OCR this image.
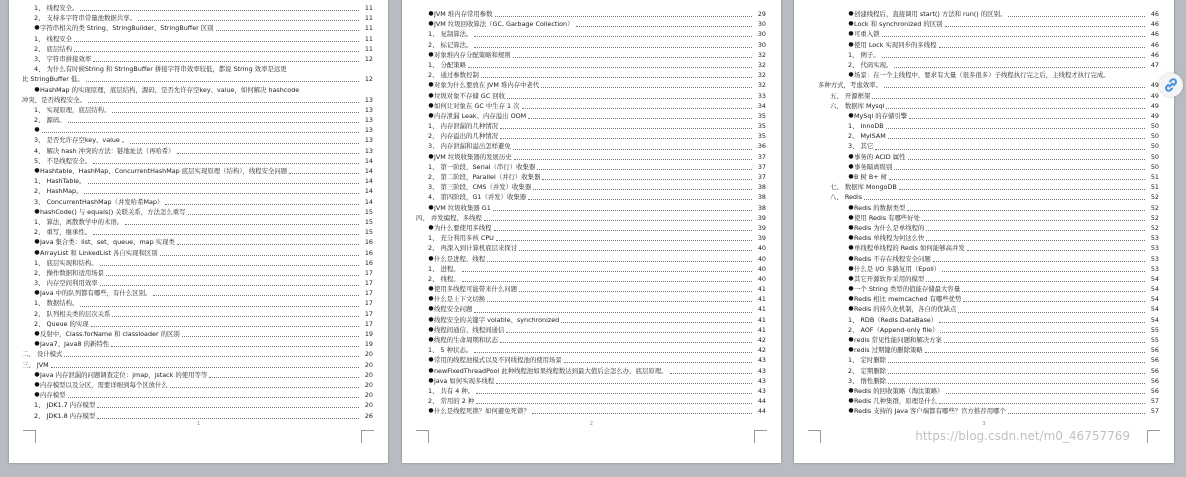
1、 线程安全。	11
2、 支持多字符串常量池数据共享。	11
● 字符串相关的类 String、StringBuilder、StringBuffer 区别	11
1、 线程安全	11
2、 底层结构	11
3、 字符串拼接效率	12
4、 为什么有时候String 和 StringBuffer 拼接字符串效率较低，都说 String 效率是远更
比 StringBuffer 低。	12
● HashMap 的实现原理，底层结构，源码，是否允许存空key、value，如何解决 hashcode
冲突，是否线程安全。	13
1、 实现原理，底层结构。	13
2、 源码。	13
●	13
3、 是否允许存空key、value 。	13
4、 解决 hash 冲突的方法：链地址法（再哈希）	13
5、 不是线程安全。	14
● Hashtable、HashMap、ConcurrentHashMap 底层实现原理（结构），线程安全问题	14
1、 HashTable。	14
2、 HashMap。	14
3、 ConcurrentHashMap（并发哈希Map）	14
● hashCode() 与 equals() 关联关系，方法怎么重写	15
1、 算法，离散数学中的术语。	15
2、 重写，继承性。	15
● Java 集合类：list、set、queue、map 实现类	16
● ArrayList 和 LinkedList 各自实现和区别	16
1、 底层实现和结构。	16
2、 操作数据和适用场景	17
3、 内存空间利用效率	17
● Java 中的队列都有哪些，有什么区别。	17
1、 数据结构。	17
2、 队列相关类的层次关系	17
2、 Queue 的实现	17
● 反射中，Class.forName 和 classloader 的区别	19
● Java7、Java8 的新特性	19
二、 设计模式	20
三、 JVM	20
● Java 内存泄漏的问题调查定位：jmap，jstack 的使用等等	20
● 内存模型以及分区，需要详细到每个区放什么	20
● 内存模型	20
1、 JDK1.7 内存模型	20
2、 JDK1.8 内存模型	26
1
● JVM 堆内存常用参数	29
● JVM 垃圾回收算法（GC, Garbage Collection）	30
1、 复制算法。	30
2、 标记算法。	30
● 对象堆内存分配策略和规则	32
1、 分配策略	32
2、 通过参数控制	32
● 对象为什么要放在 JVM 堆内存中老代	32
● 垃圾对象不存储 GC 回收	33
● 如何让对象在 GC 中生存 1 次	34
● 内存泄漏 Leak、内存溢出 OOM	35
1、 内存泄漏的几种情况	35
2、 内存溢出的几种情况	35
3、 内存泄漏和溢出怎样避免	36
● JVM 垃圾收集器的发展历史	37
1、 第一阶段，Serial（串行）收集器	37
2、 第二阶段，Parallel（并行）收集器	37
3、 第三阶段，CMS（并发）收集器	38
4、 第四阶段，G1（并发）收集器	38
● JVM 垃圾收集器 G1	38
四、 并发编程、多线程	39
● 为什么要使用多线程	39
1、 充分利用多核 CPU	39
2、 再深入到计算机底层来探讨	40
● 什么是进程、线程	40
1、 进程。	40
2、 线程。	40
● 使用多线程可能带来什么问题	41
● 什么是上下文切换	41
● 线程安全问题	41
● 线程安全的关键字 volatile、synchronized	41
● 线程间通信、线程间通信	41
● 线程的生命周期和状态	42
1、 5 种状态。	42
● 常用的线程池模式以及不同线程池的使用场景	43
● newFixedThreadPool 此种线程池如果线程数达到最大值后会怎么办，底层原理。	43
● java 如何实现多线程	43
1、 共有 4 种。	43
2、 常用的 2 种	44
● 什么是线程死锁？如何避免死锁？	44
2
● 创建线程后，直接调用 start() 方法和 run() 的区别。	46
● Lock 和 synchronized 的区别	46
● 可重入锁	46
● 使用 Lock 实现同步的多线程	46
1、 例子。	46
2、 代码实现。	47
● 场景：在一个主线程中，要求有大量（很多很多）子线程执行完之后，主线程才执行完成。
多种方式，考虑效率。	49
五、 开源框架	49
六、 数据库 Mysql	49
● MySql 的存储引擎	49
1、 InnoDB	50
2、 MyISAM	50
3、 其它	50
● 事务的 ACID 属性	50
● 事务隔离级别	50
● B 树 B+ 树	51
七、 数据库 MongoDB	51
八、 Redis	52
● Redis 的数据类型	52
● 使用 Redis 有哪些好处	52
● Redis 为什么是单线程的	52
● Redis 单线程为何这么快	53
● 单线程单线程的 Redis 如何能够高并发	53
● Redis 不存在线程安全问题	53
● 什么是 I/O 多路复用（Epoll）	53
● 其它开源软件采用的模型	54
● 一个 String 类型的值能存储最大容量	54
● Redis 相比 memcached 有哪些优势	54
● Redis 的持久化机制，各自的优缺点	54
1、 RDB（Redis DataBase）	54
2、 AOF（Append-only file）	55
● redis 常见性能问题和解决方案	55
● redis 过期键的删除策略	56
1、 定时删除	56
2、 定期删除	56
3、 惰性删除	56
● Redis 的回收策略（淘汰策略）	56
● Redis 几种集群，原理是什么	57
● Redis 支持的 Java 客户端都有哪些？官方推荐用哪个	57
3
https://blog.csdn.net/m0_46757769
